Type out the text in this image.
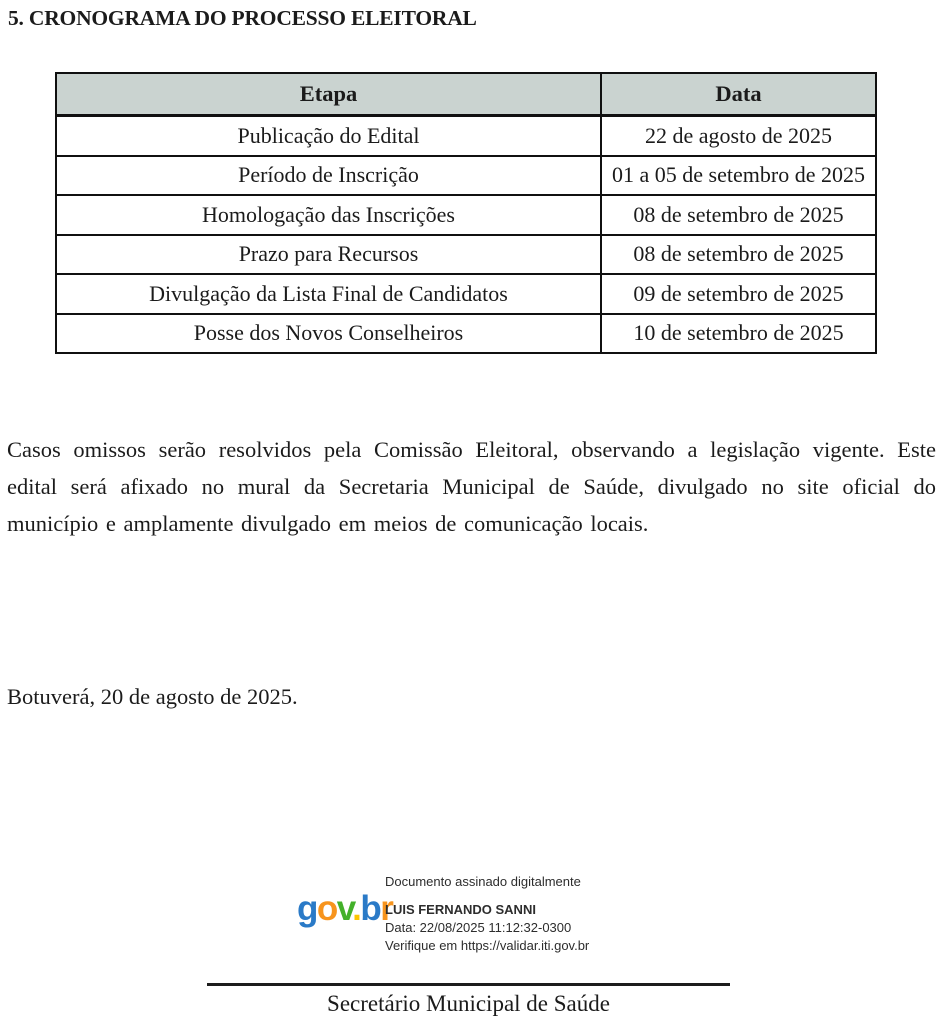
5. CRONOGRAMA DO PROCESSO ELEITORAL
Etapa	Data
Publicação do Edital	22 de agosto de 2025
Período de Inscrição	01 a 05 de setembro de 2025
Homologação das Inscrições	08 de setembro de 2025
Prazo para Recursos	08 de setembro de 2025
Divulgação da Lista Final de Candidatos	09 de setembro de 2025
Posse dos Novos Conselheiros	10 de setembro de 2025

Casos omissos serão resolvidos pela Comissão Eleitoral, observando a legislação vigente. Este edital será afixado no mural da Secretaria Municipal de Saúde, divulgado no site oficial do município e amplamente divulgado em meios de comunicação locais.

Botuverá, 20 de agosto de 2025.

gov.br
Documento assinado digitalmente
LUIS FERNANDO SANNI
Data: 22/08/2025 11:12:32-0300
Verifique em https://validar.iti.gov.br
Secretário Municipal de Saúde
